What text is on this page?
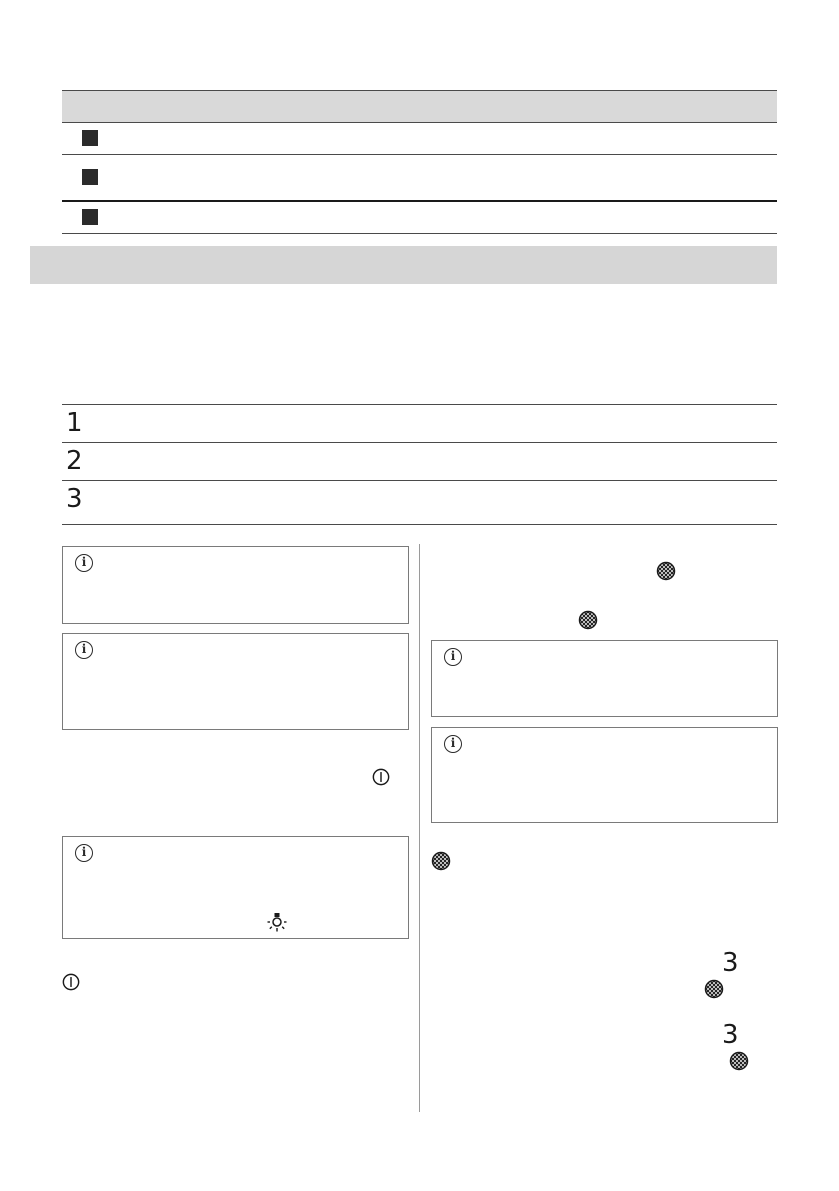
1
2
3
i
i
i
i
i
3
3
